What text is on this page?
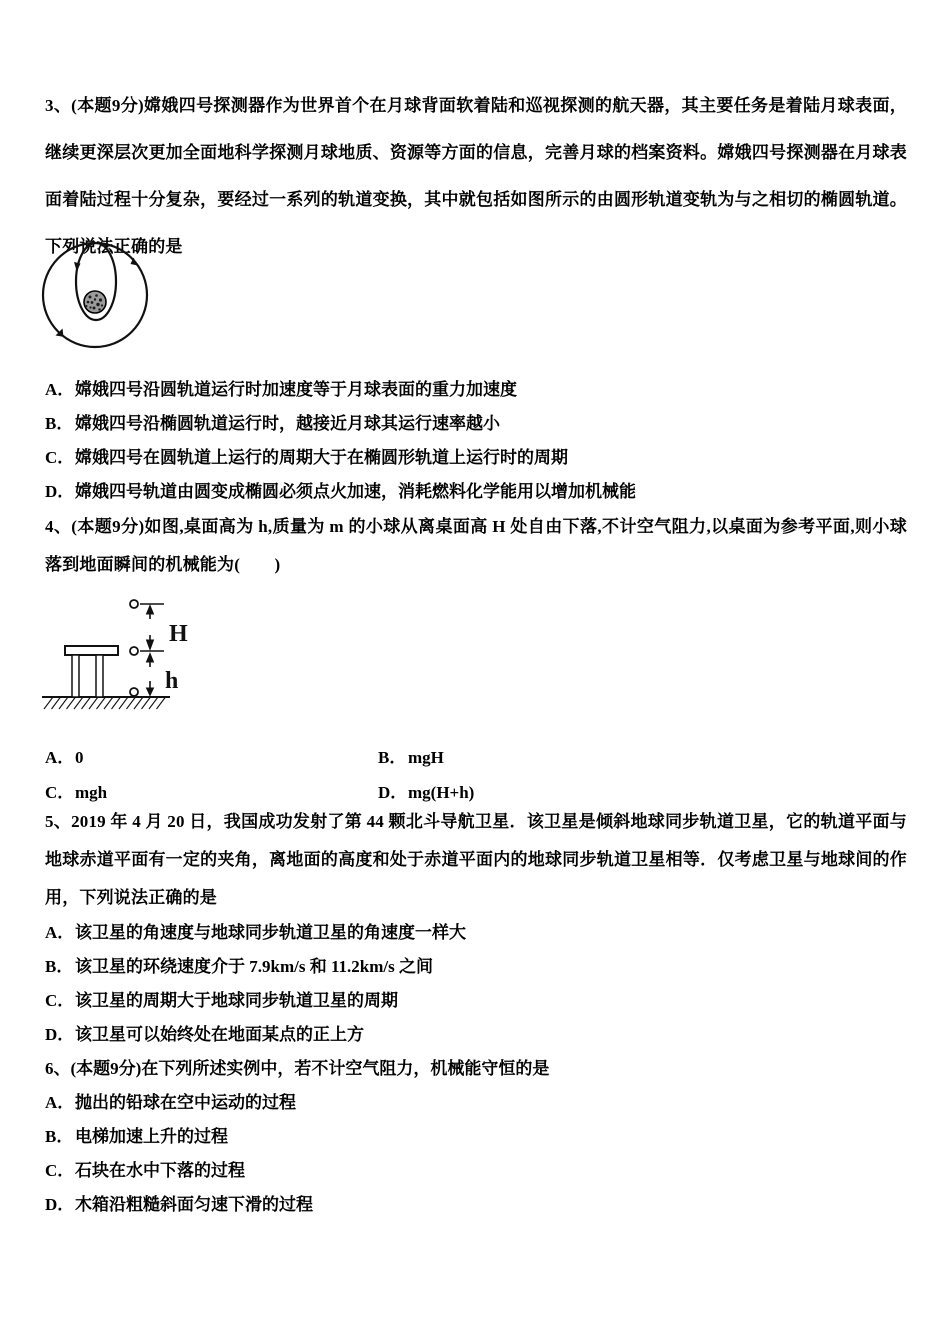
3、(本题9分)嫦娥四号探测器作为世界首个在月球背面软着陆和巡视探测的航天器，其主要任务是着陆月球表面，继续更深层次更加全面地科学探测月球地质、资源等方面的信息，完善月球的档案资料。嫦娥四号探测器在月球表面着陆过程十分复杂，要经过一系列的轨道变换，其中就包括如图所示的由圆形轨道变轨为与之相切的椭圆轨道。下列说法正确的是
A．嫦娥四号沿圆轨道运行时加速度等于月球表面的重力加速度
B．嫦娥四号沿椭圆轨道运行时，越接近月球其运行速率越小
C．嫦娥四号在圆轨道上运行的周期大于在椭圆形轨道上运行时的周期
D．嫦娥四号轨道由圆变成椭圆必须点火加速，消耗燃料化学能用以增加机械能
4、(本题9分)如图,桌面高为 h,质量为 m 的小球从离桌面高 H 处自由下落,不计空气阻力,以桌面为参考平面,则小球落到地面瞬间的机械能为(　　)
H
h
A．0	B．mgH
C．mgh	D．mg(H+h)
5、2019 年 4 月 20 日，我国成功发射了第 44 颗北斗导航卫星．该卫星是倾斜地球同步轨道卫星，它的轨道平面与地球赤道平面有一定的夹角，离地面的高度和处于赤道平面内的地球同步轨道卫星相等．仅考虑卫星与地球间的作用，下列说法正确的是
A．该卫星的角速度与地球同步轨道卫星的角速度一样大
B．该卫星的环绕速度介于 7.9km/s 和 11.2km/s 之间
C．该卫星的周期大于地球同步轨道卫星的周期
D．该卫星可以始终处在地面某点的正上方
6、(本题9分)在下列所述实例中，若不计空气阻力，机械能守恒的是
A．抛出的铅球在空中运动的过程
B．电梯加速上升的过程
C．石块在水中下落的过程
D．木箱沿粗糙斜面匀速下滑的过程
